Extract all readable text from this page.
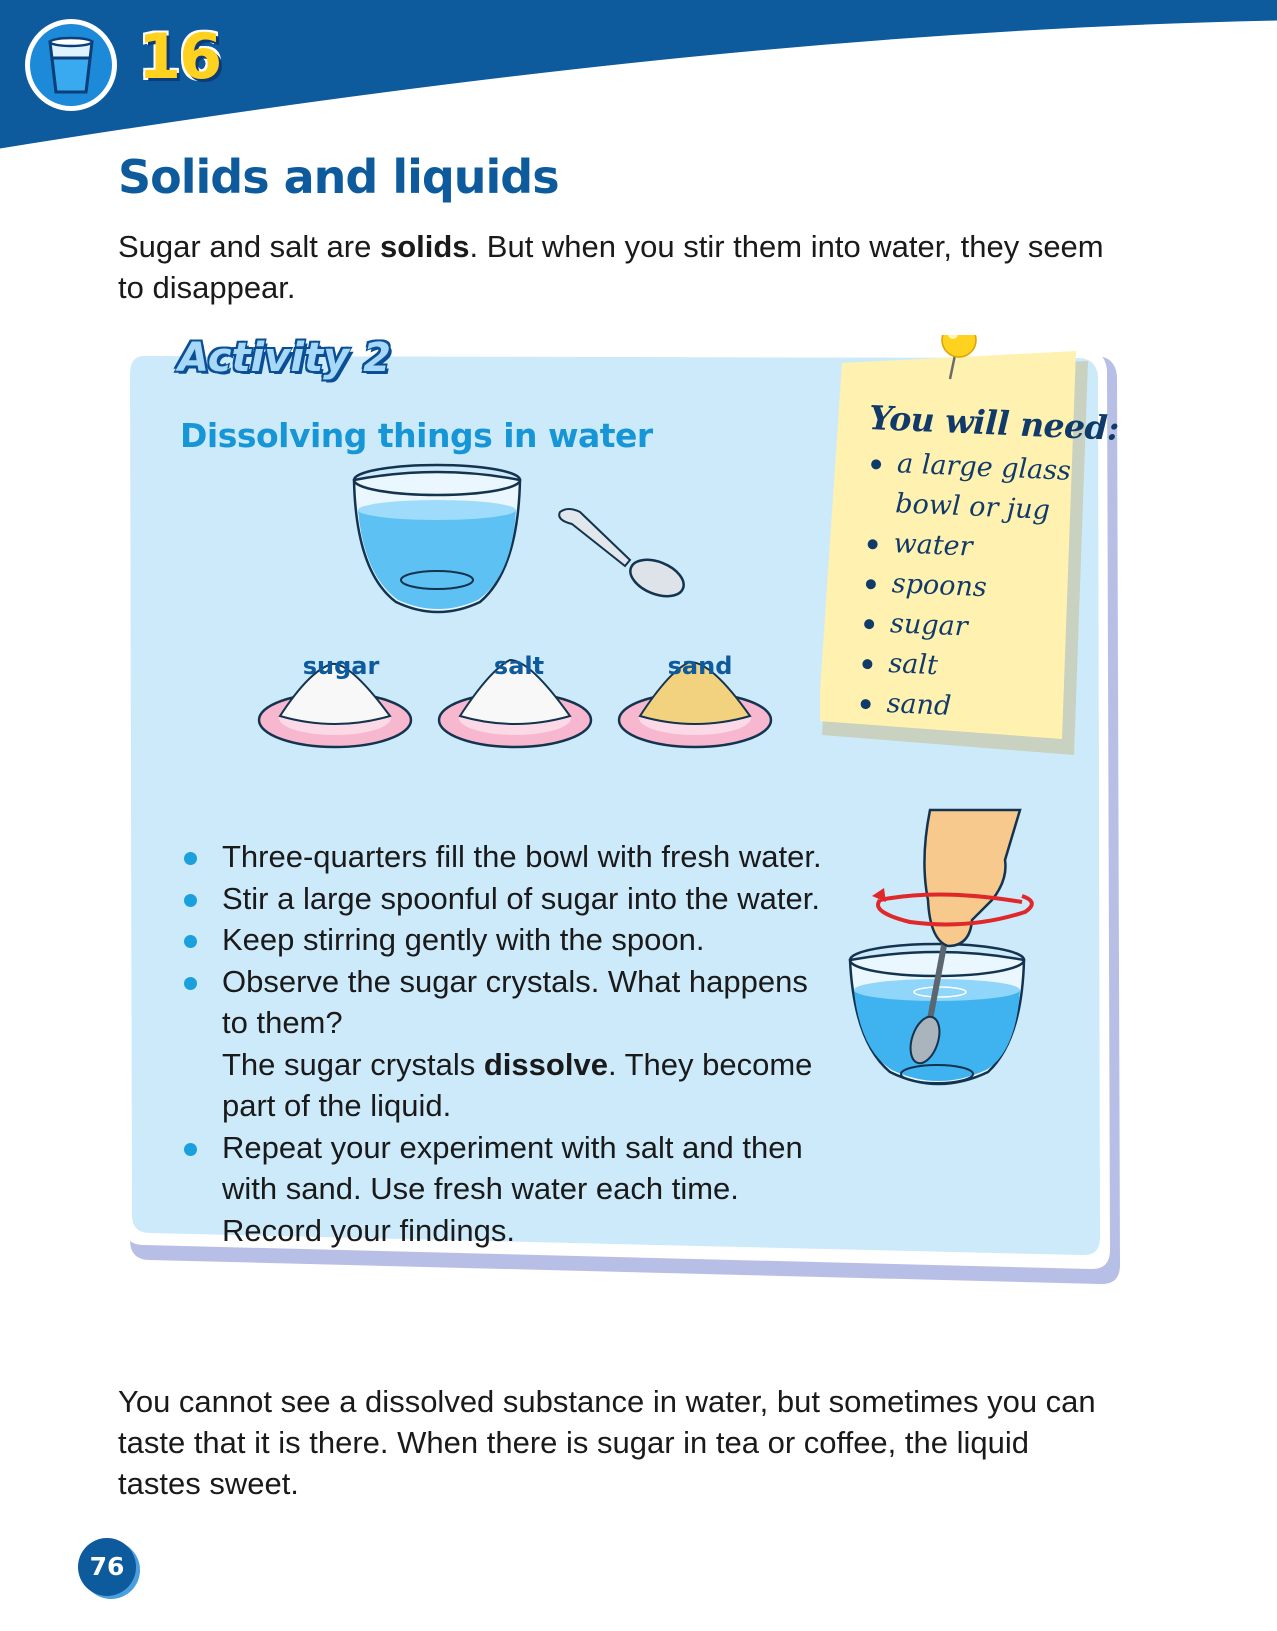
16
Solids and liquids

Sugar and salt are solids. But when you stir them into water, they seem to disappear.

Activity 2
Dissolving things in water
sugar	salt	sand
Three-quarters fill the bowl with fresh water.
Stir a large spoonful of sugar into the water.
Keep stirring gently with the spoon.
Observe the sugar crystals. What happens to them?
The sugar crystals dissolve. They become part of the liquid.
Repeat your experiment with salt and then with sand. Use fresh water each time. Record your findings.

You will need:

a large glass bowl or jug
water
spoons
sugar
salt
sand

You cannot see a dissolved substance in water, but sometimes you can taste that it is there. When there is sugar in tea or coffee, the liquid tastes sweet.

76
